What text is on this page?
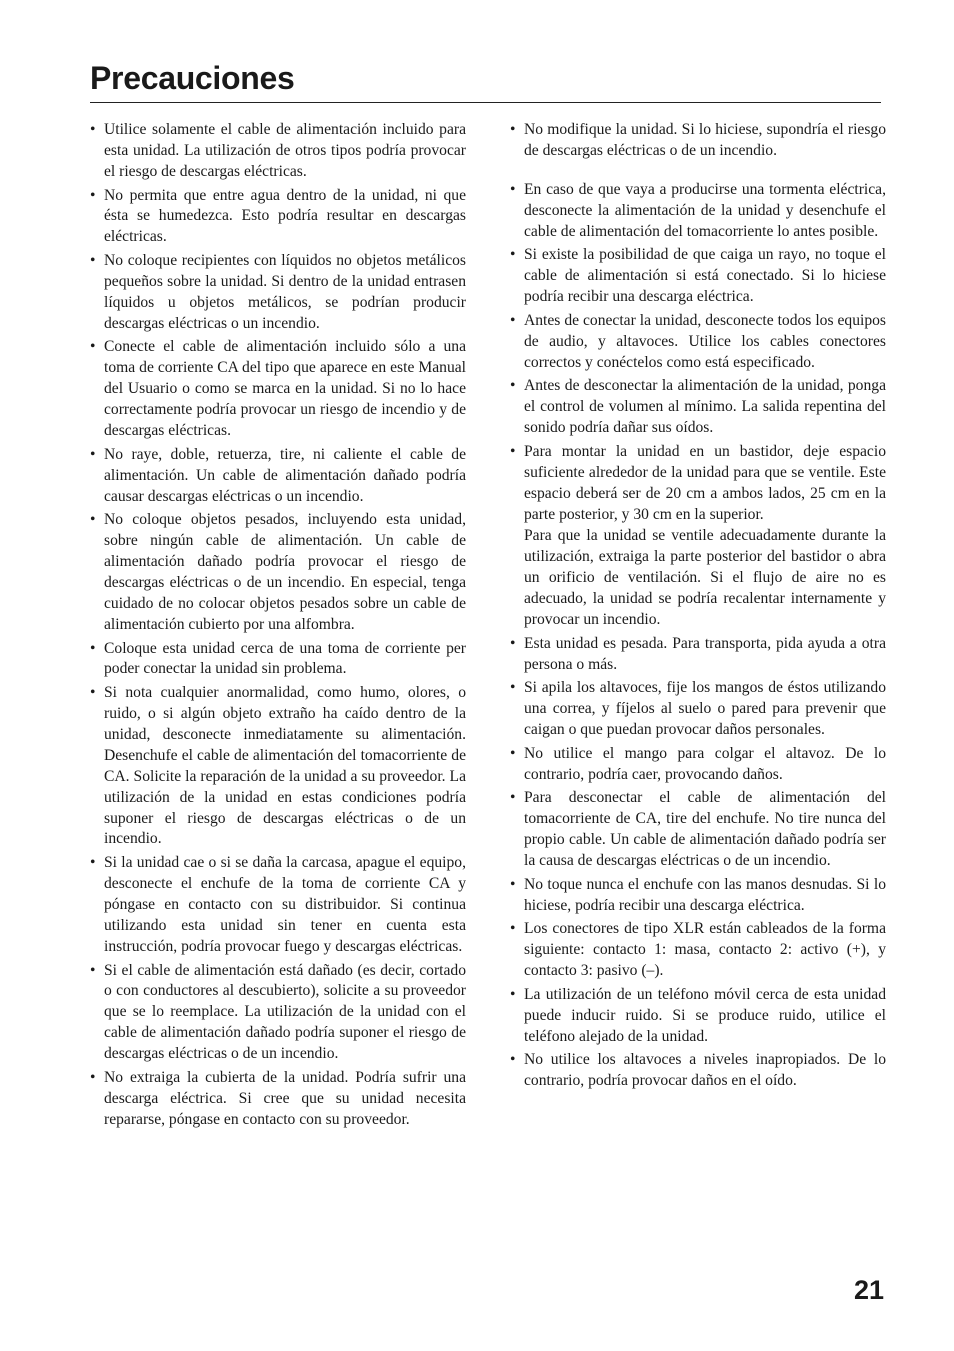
Precauciones
• Utilice solamente el cable de alimentación incluido para esta unidad. La utilización de otros tipos podría provocar el riesgo de descargas eléctricas.
• No permita que entre agua dentro de la unidad, ni que ésta se humedezca. Esto podría resultar en descargas eléctricas.
• No coloque recipientes con líquidos no objetos metálicos pequeños sobre la unidad. Si dentro de la unidad entrasen líquidos u objetos metálicos, se podrían producir descargas eléctricas o un incendio.
• Conecte el cable de alimentación incluido sólo a una toma de corriente CA del tipo que aparece en este Manual del Usuario o como se marca en la unidad. Si no lo hace correctamente podría provocar un riesgo de incendio y de descargas eléctricas.
• No raye, doble, retuerza, tire, ni caliente el cable de alimentación. Un cable de alimentación dañado podría causar descargas eléctricas o un incendio.
• No coloque objetos pesados, incluyendo esta unidad, sobre ningún cable de alimentación. Un cable de alimentación dañado podría provocar el riesgo de descargas eléctricas o de un incendio. En especial, tenga cuidado de no colocar objetos pesados sobre un cable de alimentación cubierto por una alfombra.
• Coloque esta unidad cerca de una toma de corriente per poder conectar la unidad sin problema.
• Si nota cualquier anormalidad, como humo, olores, o ruido, o si algún objeto extraño ha caído dentro de la unidad, desconecte inmediatamente su alimentación. Desenchufe el cable de alimentación del tomacorriente de CA. Solicite la reparación de la unidad a su proveedor. La utilización de la unidad en estas condiciones podría suponer el riesgo de descargas eléctricas o de un incendio.
• Si la unidad cae o si se daña la carcasa, apague el equipo, desconecte el enchufe de la toma de corriente CA y póngase en contacto con su distribuidor. Si continua utilizando esta unidad sin tener en cuenta esta instrucción, podría provocar fuego y descargas eléctricas.
• Si el cable de alimentación está dañado (es decir, cortado o con conductores al descubierto), solicite a su proveedor que se lo reemplace. La utilización de la unidad con el cable de alimentación dañado podría suponer el riesgo de descargas eléctricas o de un incendio.
• No extraiga la cubierta de la unidad. Podría sufrir una descarga eléctrica. Si cree que su unidad necesita repararse, póngase en contacto con su proveedor.
• No modifique la unidad. Si lo hiciese, supondría el riesgo de descargas eléctricas o de un incendio.
• En caso de que vaya a producirse una tormenta eléctrica, desconecte la alimentación de la unidad y desenchufe el cable de alimentación del tomacorriente lo antes posible.
• Si existe la posibilidad de que caiga un rayo, no toque el cable de alimentación si está conectado. Si lo hiciese podría recibir una descarga eléctrica.
• Antes de conectar la unidad, desconecte todos los equipos de audio, y altavoces. Utilice los cables conectores correctos y conéctelos como está especificado.
• Antes de desconectar la alimentación de la unidad, ponga el control de volumen al mínimo. La salida repentina del sonido podría dañar sus oídos.
• Para montar la unidad en un bastidor, deje espacio suficiente alrededor de la unidad para que se ventile. Este espacio deberá ser de 20 cm a ambos lados, 25 cm en la parte posterior, y 30 cm en la superior.
Para que la unidad se ventile adecuadamente durante la utilización, extraiga la parte posterior del bastidor o abra un orificio de ventilación. Si el flujo de aire no es adecuado, la unidad se podría recalentar internamente y provocar un incendio.
• Esta unidad es pesada. Para transporta, pida ayuda a otra persona o más.
• Si apila los altavoces, fije los mangos de éstos utilizando una correa, y fíjelos al suelo o pared para prevenir que caigan o que puedan provocar daños personales.
• No utilice el mango para colgar el altavoz. De lo contrario, podría caer, provocando daños.
• Para desconectar el cable de alimentación del tomacorriente de CA, tire del enchufe. No tire nunca del propio cable. Un cable de alimentación dañado podría ser la causa de descargas eléctricas o de un incendio.
• No toque nunca el enchufe con las manos desnudas. Si lo hiciese, podría recibir una descarga eléctrica.
• Los conectores de tipo XLR están cableados de la forma siguiente: contacto 1: masa, contacto 2: activo (+), y contacto 3: pasivo (–).
• La utilización de un teléfono móvil cerca de esta unidad puede inducir ruido. Si se produce ruido, utilice el teléfono alejado de la unidad.
• No utilice los altavoces a niveles inapropiados. De lo contrario, podría provocar daños en el oído.
21
